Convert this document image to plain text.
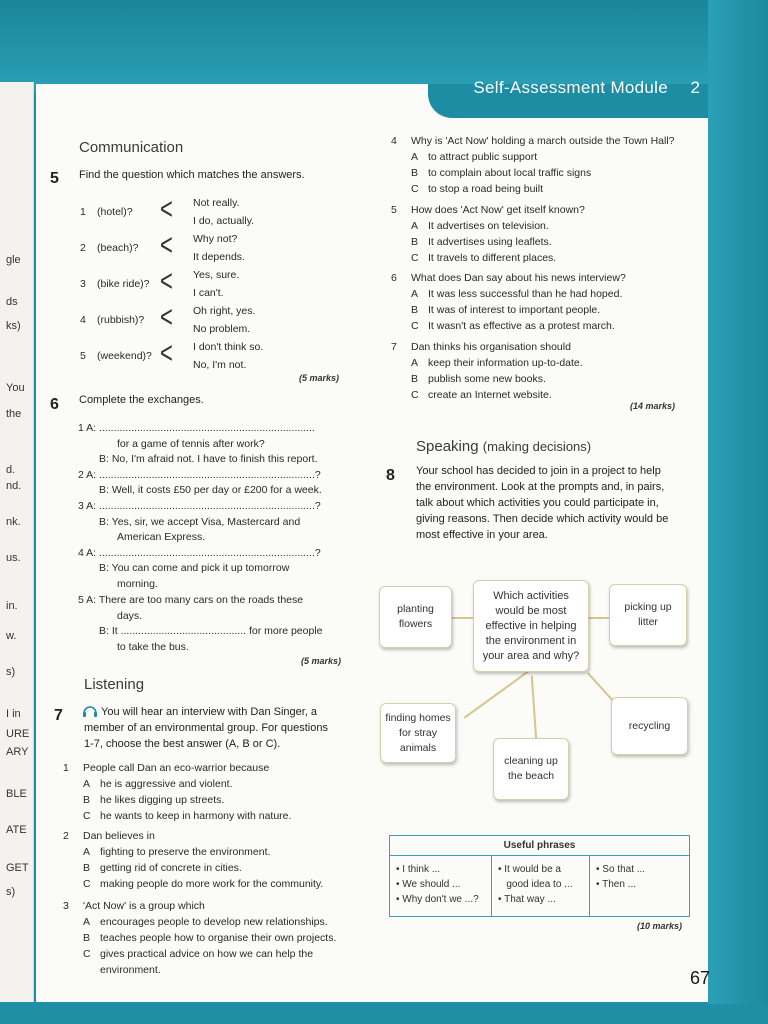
gle
ds
ks)
You
the
d.
nd.
nk.
us.
in.
w.
s)
I in
URE
ARY
BLE
ATE
GET
s)
Self-Assessment Module 2
Communication
5 Find the question which matches the answers.
1 (hotel)? < Not really.
I do, actually.
2 (beach)? < Why not?
It depends.
3 (bike ride)? < Yes, sure.
I can't.
4 (rubbish)? < Oh right, yes.
No problem.
5 (weekend)? < I don't think so.
No, I'm not.
(5 marks)
6 Complete the exchanges.
1 A: ..........................................................................
for a game of tennis after work?
B: No, I'm afraid not. I have to finish this report.
2 A: ..........................................................................?
B: Well, it costs £50 per day or £200 for a week.
3 A: ..........................................................................?
B: Yes, sir, we accept Visa, Mastercard and
American Express.
4 A: ..........................................................................?
B: You can come and pick it up tomorrow
morning.
5 A: There are too many cars on the roads these
days.
B: It ........................................... for more people
to take the bus.
(5 marks)
Listening
7	You will hear an interview with Dan Singer, a
member of an environmental group. For questions
1-7, choose the best answer (A, B or C).
1 People call Dan an eco-warrior because
A he is aggressive and violent.
B he likes digging up streets.
C he wants to keep in harmony with nature.
2 Dan believes in
A fighting to preserve the environment.
B getting rid of concrete in cities.
C making people do more work for the community.
3 'Act Now' is a group which
A encourages people to develop new relationships.
B teaches people how to organise their own projects.
C gives practical advice on how we can help the
environment.
4 Why is 'Act Now' holding a march outside the Town Hall?
A to attract public support
B to complain about local traffic signs
C to stop a road being built
5 How does 'Act Now' get itself known?
A It advertises on television.
B It advertises using leaflets.
C It travels to different places.
6 What does Dan say about his news interview?
A It was less successful than he had hoped.
B It was of interest to important people.
C It wasn't as effective as a protest march.
7 Dan thinks his organisation should
A keep their information up-to-date.
B publish some new books.
C create an Internet website.
(14 marks)
Speaking (making decisions)
8 Your school has decided to join in a project to help
the environment. Look at the prompts and, in pairs,
talk about which activities you could participate in,
giving reasons. Then decide which activity would be
most effective in your area.
Which activities
would be most
effective in helping
the environment in
your area and why?
planting
flowers
picking up
litter
finding homes
for stray
animals
recycling
cleaning up
the beach
Useful phrases
• I think ...
• We should ...
• Why don't we ...?
• It would be a
good idea to ...
• That way ...
• So that ...
• Then ...
(10 marks)
67
